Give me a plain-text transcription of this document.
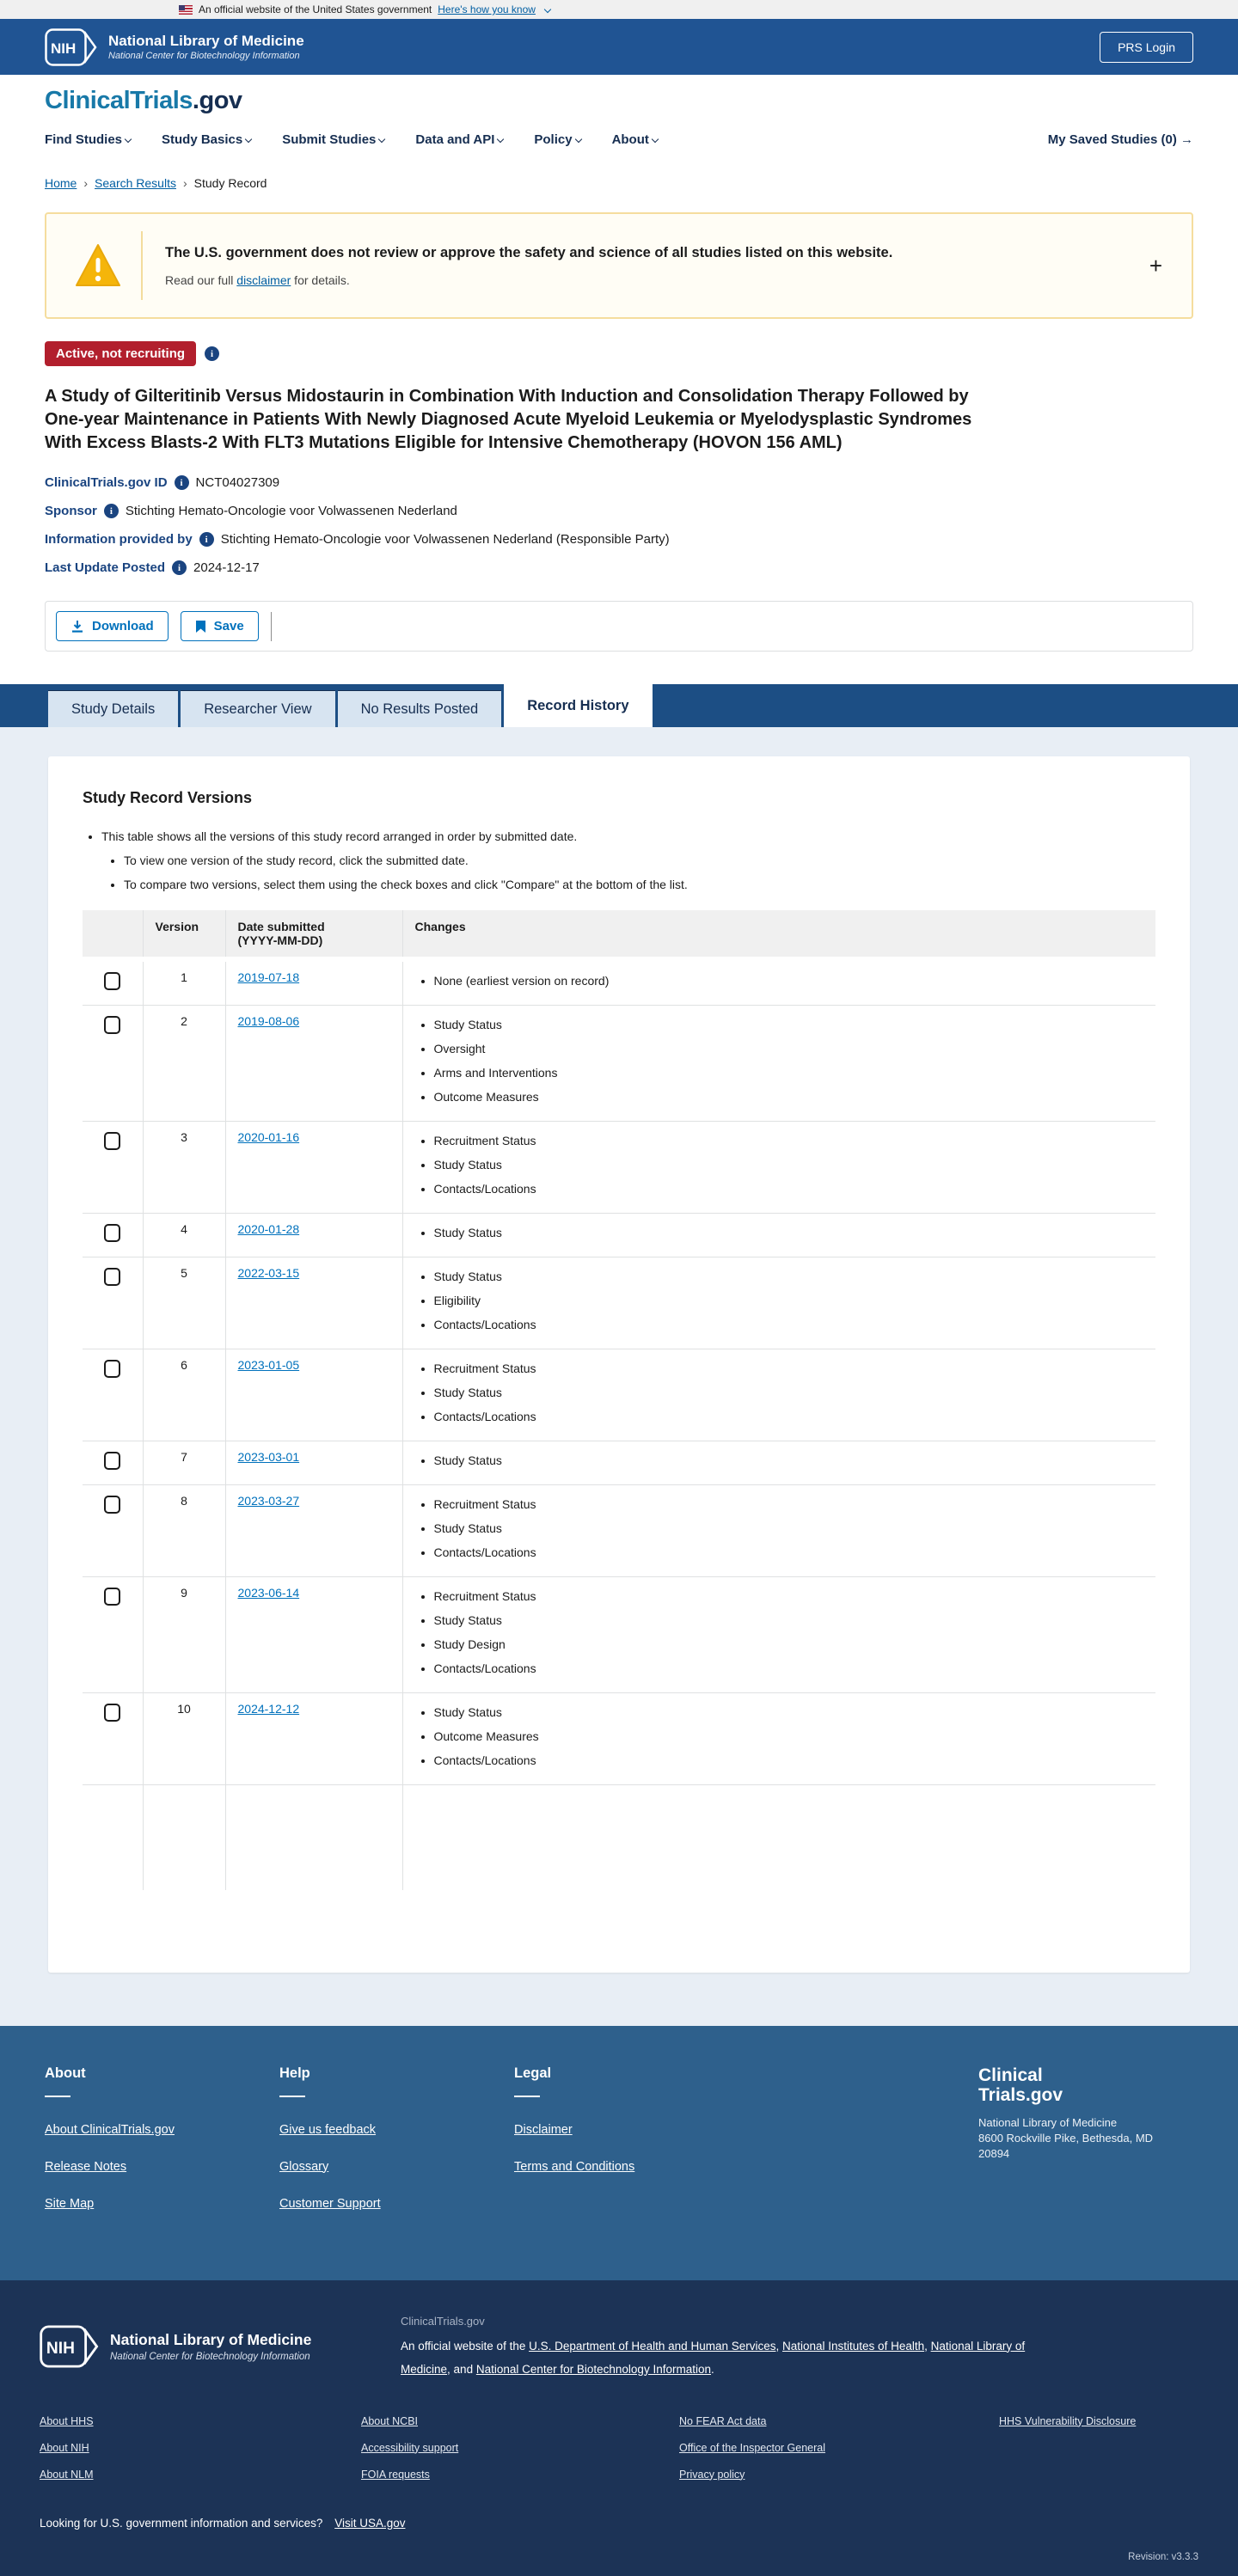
An official website of the United States government Here's how you know
NIH National Library of Medicine
National Center for Biotechnology Information
PRS Login
ClinicalTrials.gov
Find Studies	Study Basics	Submit Studies	Data and API	Policy	About	My Saved Studies (0) →
Home › Search Results › Study Record
The U.S. government does not review or approve the safety and science of all studies listed on this website.
Read our full disclaimer for details.
+
Active, not recruiting	i
A Study of Gilteritinib Versus Midostaurin in Combination With Induction and Consolidation Therapy Followed by One-year Maintenance in Patients With Newly Diagnosed Acute Myeloid Leukemia or Myelodysplastic Syndromes With Excess Blasts-2 With FLT3 Mutations Eligible for Intensive Chemotherapy (HOVON 156 AML)
ClinicalTrials.gov ID	i NCT04027309
Sponsor	i Stichting Hemato-Oncologie voor Volwassenen Nederland
Information provided by	i Stichting Hemato-Oncologie voor Volwassenen Nederland (Responsible Party)
Last Update Posted	i 2024-12-17
Download	Save
Study Details	Researcher View	No Results Posted	Record History
Study Record Versions
• This table shows all the versions of this study record arranged in order by submitted date.
• To view one version of the study record, click the submitted date.
• To compare two versions, select them using the check boxes and click "Compare" at the bottom of the list.
	Version	Date submitted
(YYYY-MM-DD)	Changes
	1	2019-07-18	
•None (earliest version on record)

	2	2019-08-06	
•Study Status
• Oversight
• Arms and Interventions
• Outcome Measures

	3	2020-01-16	
•Recruitment Status
• Study Status
• Contacts/Locations

	4	2020-01-28	
•Study Status

	5	2022-03-15	
•Study Status
• Eligibility
• Contacts/Locations

	6	2023-01-05	
•Recruitment Status
• Study Status
• Contacts/Locations

	7	2023-03-01	
•Study Status

	8	2023-03-27	
•Recruitment Status
• Study Status
• Contacts/Locations

	9	2023-06-14	
•Recruitment Status
• Study Status
• Study Design
• Contacts/Locations

	10	2024-12-12	
•Study Status
• Outcome Measures
• Contacts/Locations

About
About ClinicalTrials.gov
Release Notes
Site Map
Help
Give us feedback
Glossary
Customer Support
Legal
Disclaimer
Terms and Conditions
Clinical
Trials.gov
National Library of Medicine
8600 Rockville Pike, Bethesda, MD
20894
NIH National Library of Medicine
National Center for Biotechnology Information
ClinicalTrials.gov
An official website of the U.S. Department of Health and Human Services, National Institutes of Health, National Library of Medicine, and National Center for Biotechnology Information.
About HHS	About NCBI	No FEAR Act data	HHS Vulnerability Disclosure
About NIH	Accessibility support	Office of the Inspector General
About NLM	FOIA requests	Privacy policy
Looking for U.S. government information and services? Visit USA.gov
Revision: v3.3.3
